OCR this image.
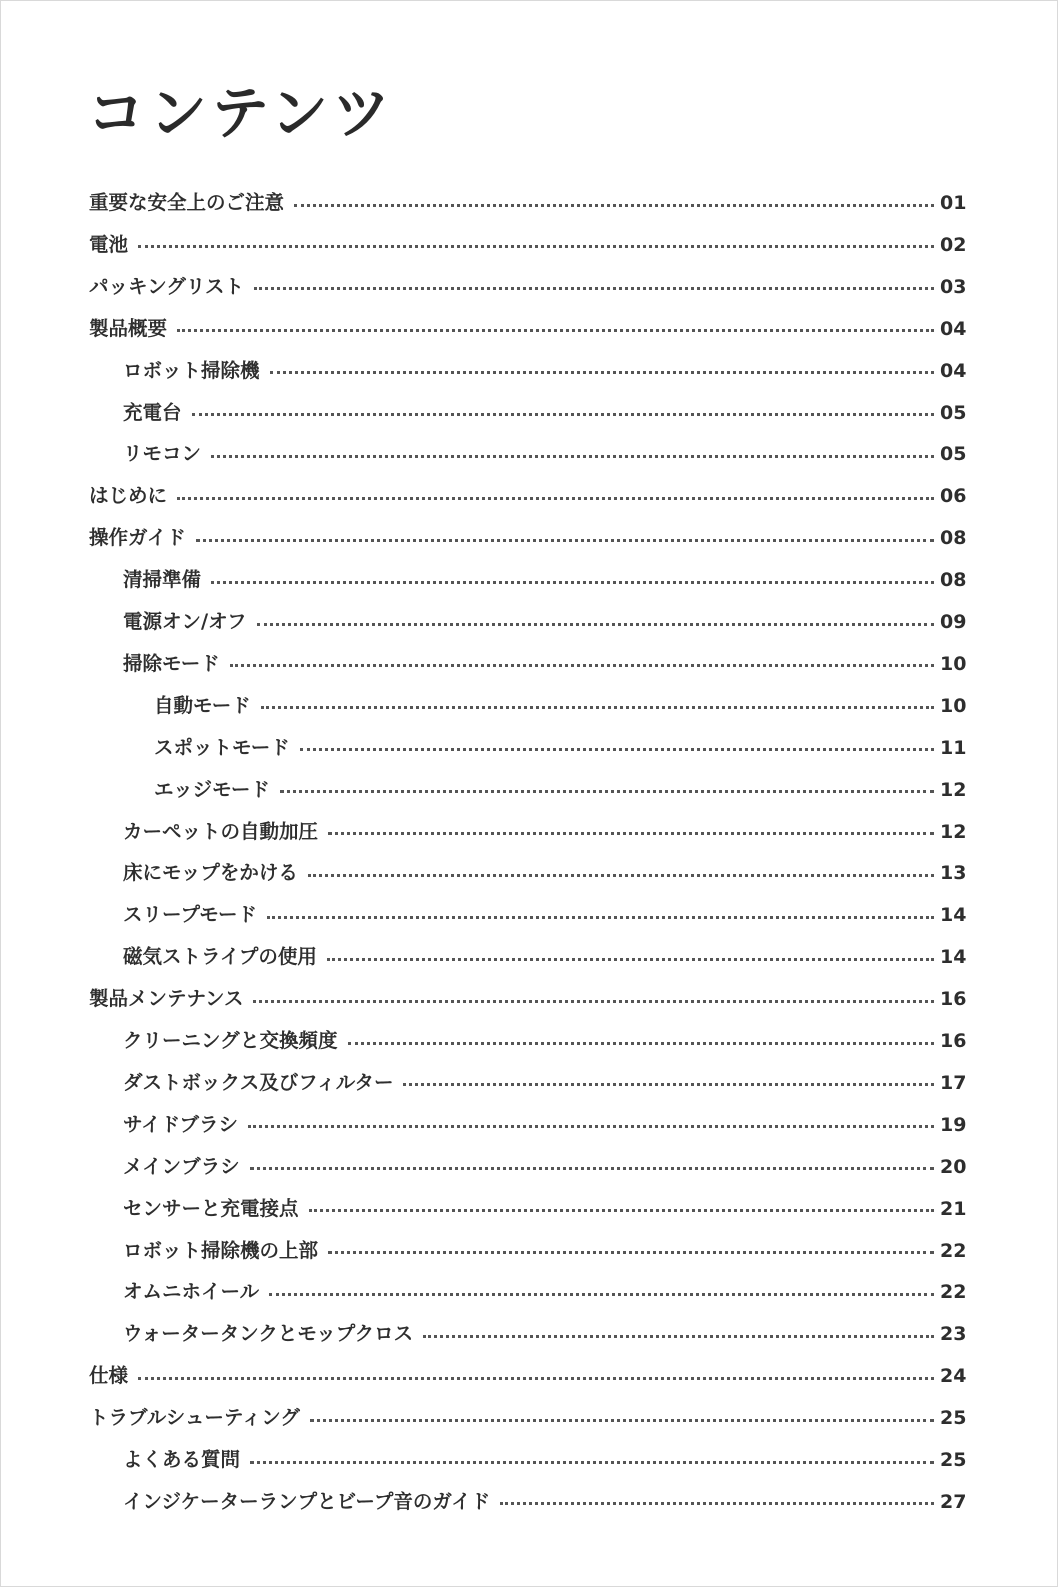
コンテンツ
重要な安全上のご注意	01
電池	02
パッキングリスト	03
製品概要	04
ロボット掃除機	04
充電台	05
リモコン	05
はじめに	06
操作ガイド	08
清掃準備	08
電源オン/オフ	09
掃除モード	10
自動モード	10
スポットモード	11
エッジモード	12
カーペットの自動加圧	12
床にモップをかける	13
スリープモード	14
磁気ストライプの使用	14
製品メンテナンス	16
クリーニングと交換頻度	16
ダストボックス及びフィルター	17
サイドブラシ	19
メインブラシ	20
センサーと充電接点	21
ロボット掃除機の上部	22
オムニホイール	22
ウォータータンクとモップクロス	23
仕様	24
トラブルシューティング	25
よくある質問	25
インジケーターランプとビープ音のガイド	27
